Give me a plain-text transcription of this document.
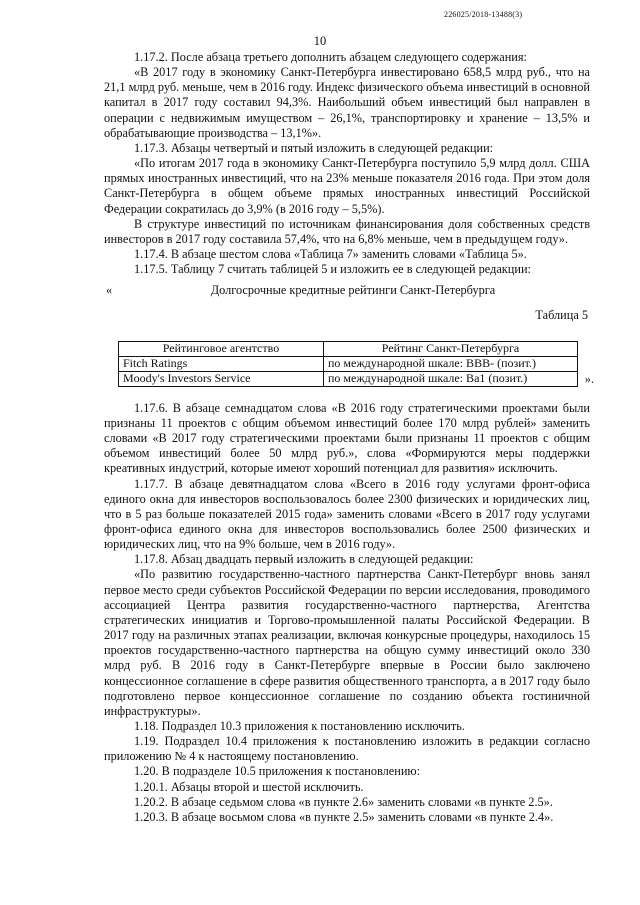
226025/2018-13488(3)
10

1.17.2. После абзаца третьего дополнить абзацем следующего содержания:

«В 2017 году в экономику Санкт-Петербурга инвестировано 658,5 млрд руб., что на 21,1 млрд руб. меньше, чем в 2016 году. Индекс физического объема инвестиций в основной капитал в 2017 году составил 94,3%. Наибольший объем инвестиций был направлен в операции с недвижимым имуществом – 26,1%, транспортировку и хранение – 13,5% и обрабатывающие производства – 13,1%».

1.17.3. Абзацы четвертый и пятый изложить в следующей редакции:

«По итогам 2017 года в экономику Санкт-Петербурга поступило 5,9 млрд долл. США прямых иностранных инвестиций, что на 23% меньше показателя 2016 года. При этом доля Санкт-Петербурга в общем объеме прямых иностранных инвестиций Российской Федерации сократилась до 3,9% (в 2016 году – 5,5%).

В структуре инвестиций по источникам финансирования доля собственных средств инвесторов в 2017 году составила 57,4%, что на 6,8% меньше, чем в предыдущем году».

1.17.4. В абзаце шестом слова «Таблица 7» заменить словами «Таблица 5».

1.17.5. Таблицу 7 считать таблицей 5 и изложить ее в следующей редакции:

«	Долгосрочные кредитные рейтинги Санкт-Петербурга
Таблица 5
Рейтинговое агентство	Рейтинг Санкт-Петербурга
Fitch Ratings	по международной шкале: BBB- (позит.)
Moody's Investors Service	по международной шкале: Ba1 (позит.)	».

1.17.6. В абзаце семнадцатом слова «В 2016 году стратегическими проектами были признаны 11 проектов с общим объемом инвестиций более 170 млрд рублей» заменить словами «В 2017 году стратегическими проектами были признаны 11 проектов с общим объемом инвестиций более 50 млрд руб.», слова «Формируются меры поддержки креативных индустрий, которые имеют хороший потенциал для развития» исключить.

1.17.7. В абзаце девятнадцатом слова «Всего в 2016 году услугами фронт-офиса единого окна для инвесторов воспользовалось более 2300 физических и юридических лиц, что в 5 раз больше показателей 2015 года» заменить словами «Всего в 2017 году услугами фронт-офиса единого окна для инвесторов воспользовались более 2500 физических и юридических лиц, что на 9% больше, чем в 2016 году».

1.17.8. Абзац двадцать первый изложить в следующей редакции:

«По развитию государственно-частного партнерства Санкт-Петербург вновь занял первое место среди субъектов Российской Федерации по версии исследования, проводимого ассоциацией Центра развития государственно-частного партнерства, Агентства стратегических инициатив и Торгово-промышленной палаты Российской Федерации. В 2017 году на различных этапах реализации, включая конкурсные процедуры, находилось 15 проектов государственно-частного партнерства на общую сумму инвестиций около 330 млрд руб. В 2016 году в Санкт-Петербурге впервые в России было заключено концессионное соглашение в сфере развития общественного транспорта, а в 2017 году было подготовлено первое концессионное соглашение по созданию объекта гостиничной инфраструктуры».

1.18. Подраздел 10.3 приложения к постановлению исключить.

1.19. Подраздел 10.4 приложения к постановлению изложить в редакции согласно приложению № 4 к настоящему постановлению.

1.20. В подразделе 10.5 приложения к постановлению:

1.20.1. Абзацы второй и шестой исключить.

1.20.2. В абзаце седьмом слова «в пункте 2.6» заменить словами «в пункте 2.5».

1.20.3. В абзаце восьмом слова «в пункте 2.5» заменить словами «в пункте 2.4».
